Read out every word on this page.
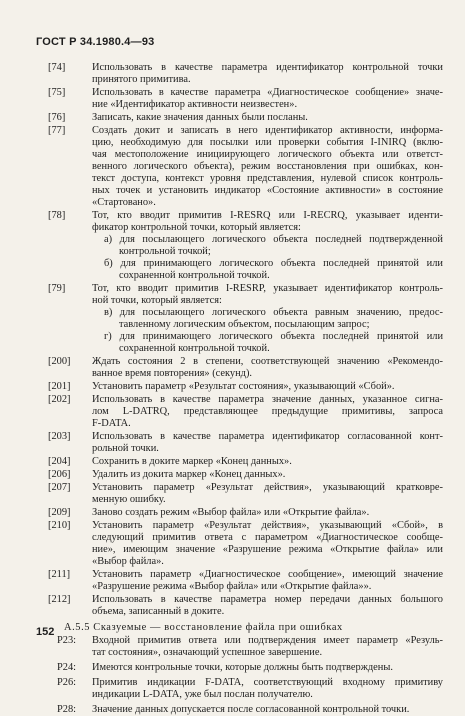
ГОСТ Р 34.1980.4—93
[74]	Использовать в качестве параметра идентификатор контрольной точки
принятого примитива.
[75]	Использовать в качестве параметра «Диагностическое сообщение» значе-
ние «Идентификатор активности неизвестен».
[76]	Записать, какие значения данных были посланы.
[77]	Создать докит и записать в него идентификатор активности, информа-
цию, необходимую для посылки или проверки события I-INIRQ (вклю-
чая местоположение инициирующего логического объекта или ответст-
венного логического объекта), режим восстановления при ошибках, кон-
текст доступа, контекст уровня представления, нулевой список контроль-
ных точек и установить индикатор «Состояние активности» в состояние
«Стартовано».
[78]	Тот, кто вводит примитив I-RESRQ или I-RECRQ, указывает иденти-
фикатор контрольной точки, который является:
а) для посылающего логического объекта последней подтвержденной
контрольной точкой;
б) для принимающего логического объекта последней принятой или
сохраненной контрольной точкой.
[79]	Тот, кто вводит примитив I-RESRP, указывает идентификатор контроль-
ной точки, который является:
в) для посылающего логического объекта равным значению, предос-
тавленному логическим объектом, посылающим запрос;
г) для принимающего логического объекта последней принятой или
сохраненной контрольной точкой.
[200] Ждать состояния 2 в степени, соответствующей значению «Рекомендо-
ванное время повторения» (секунд).
[201] Установить параметр «Результат состояния», указывающий «Сбой».
[202] Использовать в качестве параметра значение данных, указанное сигна-
лом L-DATRQ, представляющее предыдущие примитивы, запроса
F-DATA.
[203] Использовать в качестве параметра идентификатор согласованной конт-
рольной точки.
[204] Сохранить в докитe маркер «Конец данных».
[206] Удалить из докита маркер «Конец данных».
[207] Установить параметр «Результат действия», указывающий кратковре-
менную ошибку.
[209] Заново создать режим «Выбор файла» или «Открытие файла».
[210] Установить параметр «Результат действия», указывающий «Сбой», в
следующий примитив ответа с параметром «Диагностическое сообще-
ние», имеющим значение «Разрушение режима «Открытие файла» или
«Выбор файла».
[211] Установить параметр «Диагностическое сообщение», имеющий значение
«Разрушение режима «Выбор файла» или «Открытие файла»».
[212] Использовать в качестве параметра номер передачи данных большого
объема, записанный в доките.
А.5.5 Сказуемые — восстановление файла при ошибках
P23: Входной примитив ответа или подтверждения имеет параметр «Резуль-
тат состояния», означающий успешное завершение.
P24: Имеются контрольные точки, которые должны быть подтверждены.
P26: Примитив индикации F-DATA, соответствующий входному примитиву
индикации L-DATA, уже был послан получателю.
P28: Значение данных допускается после согласованной контрольной точки.
152
